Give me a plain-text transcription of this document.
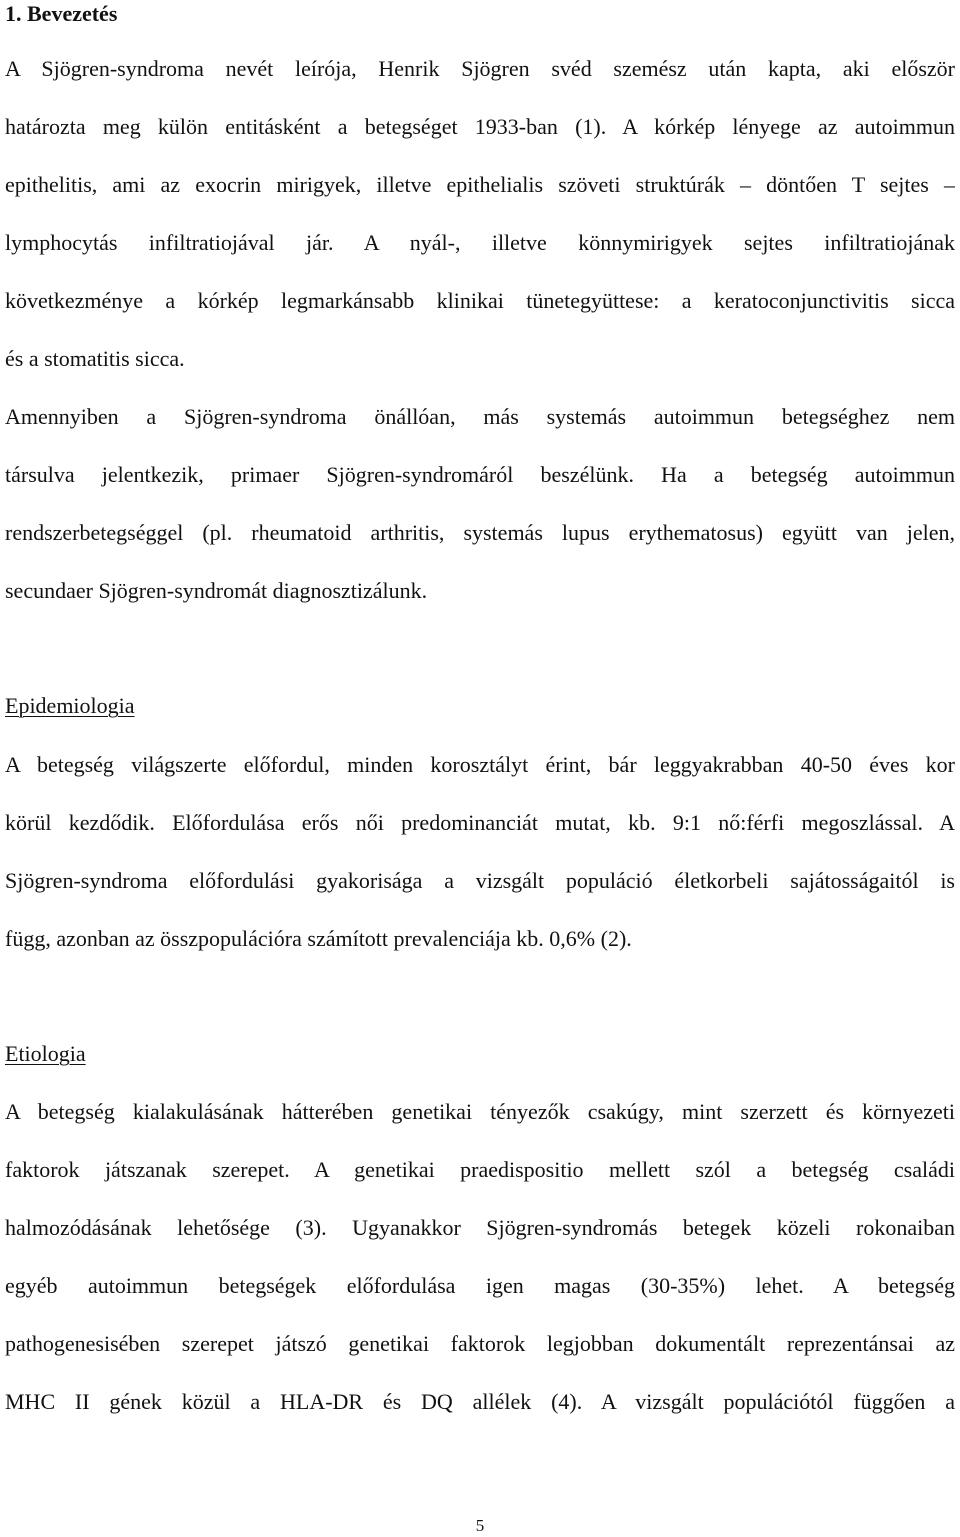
1. Bevezetés
A Sjögren-syndroma nevét leírója, Henrik Sjögren svéd szemész után kapta, aki először
határozta meg külön entitásként a betegséget 1933-ban (1). A kórkép lényege az autoimmun
epithelitis, ami az exocrin mirigyek, illetve epithelialis szöveti struktúrák – döntően T sejtes –
lymphocytás infiltratiojával jár. A nyál-, illetve könnymirigyek sejtes infiltratiojának
következménye a kórkép legmarkánsabb klinikai tünetegyüttese: a keratoconjunctivitis sicca
és a stomatitis sicca.
Amennyiben a Sjögren-syndroma önállóan, más systemás autoimmun betegséghez nem
társulva jelentkezik, primaer Sjögren-syndromáról beszélünk. Ha a betegség autoimmun
rendszerbetegséggel (pl. rheumatoid arthritis, systemás lupus erythematosus) együtt van jelen,
secundaer Sjögren-syndromát diagnosztizálunk.
Epidemiologia
A betegség világszerte előfordul, minden korosztályt érint, bár leggyakrabban 40-50 éves kor
körül kezdődik. Előfordulása erős női predominanciát mutat, kb. 9:1 nő:férfi megoszlással. A
Sjögren-syndroma előfordulási gyakorisága a vizsgált populáció életkorbeli sajátosságaitól is
függ, azonban az összpopulációra számított prevalenciája kb. 0,6% (2).
Etiologia
A betegség kialakulásának hátterében genetikai tényezők csakúgy, mint szerzett és környezeti
faktorok játszanak szerepet. A genetikai praedispositio mellett szól a betegség családi
halmozódásának lehetősége (3). Ugyanakkor Sjögren-syndromás betegek közeli rokonaiban
egyéb autoimmun betegségek előfordulása igen magas (30-35%) lehet. A betegség
pathogenesisében szerepet játszó genetikai faktorok legjobban dokumentált reprezentánsai az
MHC II gének közül a HLA-DR és DQ allélek (4). A vizsgált populációtól függően a
5
